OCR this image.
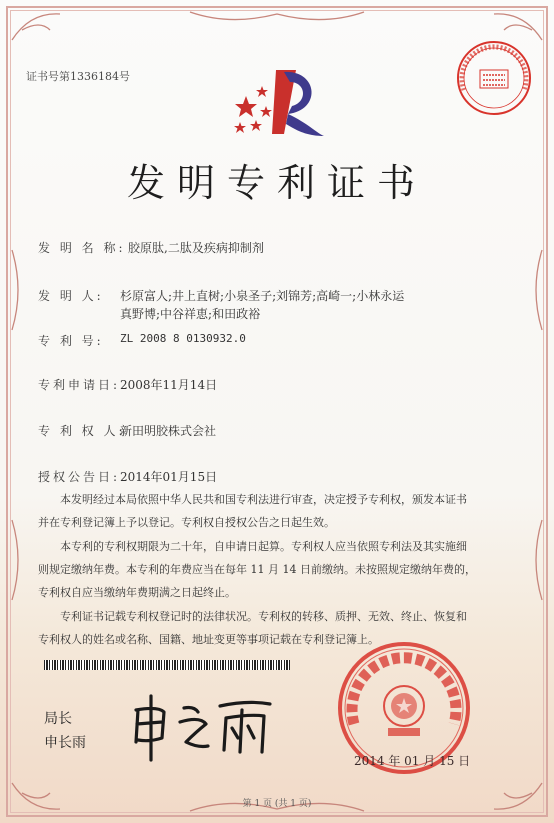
证书号第1336184号
发明专利证书
发 明 名 称: 胶原肽,二肽及疾病抑制剂
发 明 人: 杉原富人;井上直树;小泉圣子;刘锦芳;高崎一;小林永运
真野博;中谷祥恵;和田政裕
专 利 号: ZL 2008 8 0130932.0
专利申请日: 2008年11月14日
专 利 权 人:
新田明胶株式会社
授权公告日: 2014年01月15日
本发明经过本局依照中华人民共和国专利法进行审查，决定授予专利权，颁发本证书
并在专利登记簿上予以登记。专利权自授权公告之日起生效。
本专利的专利权期限为二十年，自申请日起算。专利权人应当依照专利法及其实施细
则规定缴纳年费。本专利的年费应当在每年 11 月 14 日前缴纳。未按照规定缴纳年费的，
专利权自应当缴纳年费期满之日起终止。
专利证书记载专利权登记时的法律状况。专利权的转移、质押、无效、终止、恢复和
专利权人的姓名或名称、国籍、地址变更等事项记载在专利登记簿上。
局长
申长雨
2014 年 01 月 15 日
第 1 页 (共 1 页)
